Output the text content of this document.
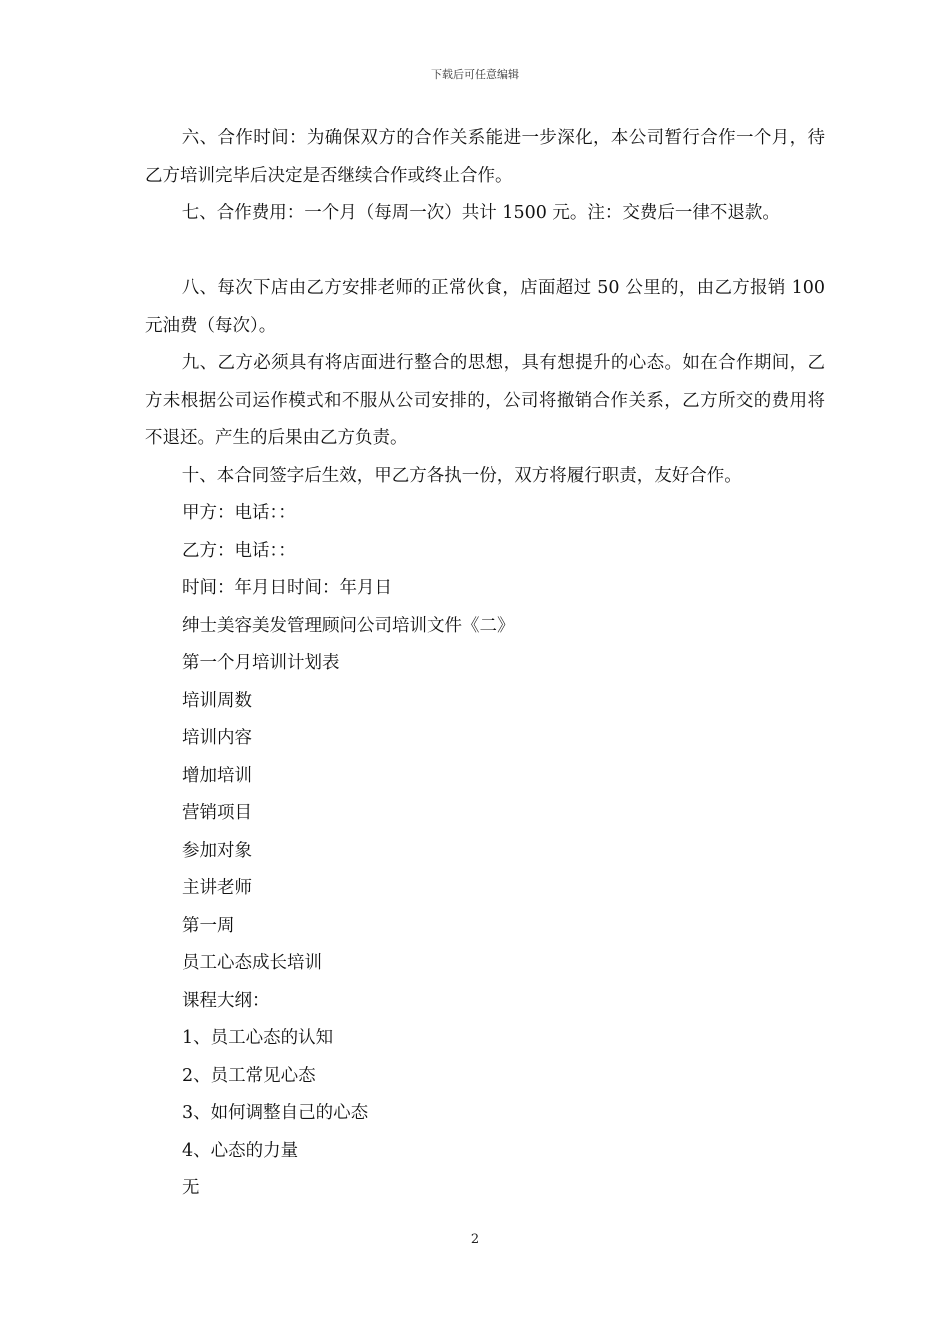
下载后可任意编辑

六、合作时间：为确保双方的合作关系能进一步深化，本公司暂行合作一个月，待乙方培训完毕后决定是否继续合作或终止合作。

七、合作费用：一个月（每周一次）共计 1500 元。注：交费后一律不退款。

八、每次下店由乙方安排老师的正常伙食，店面超过 50 公里的，由乙方报销 100 元油费（每次）。

九、乙方必须具有将店面进行整合的思想，具有想提升的心态。如在合作期间，乙方未根据公司运作模式和不服从公司安排的，公司将撤销合作关系，乙方所交的费用将不退还。产生的后果由乙方负责。

十、本合同签字后生效，甲乙方各执一份，双方将履行职责，友好合作。

甲方：电话：：

乙方：电话：：

时间：年月日时间：年月日

绅士美容美发管理顾问公司培训文件《二》

第一个月培训计划表

培训周数

培训内容

增加培训

营销项目

参加对象

主讲老师

第一周

员工心态成长培训

课程大纲：

1、员工心态的认知

2、员工常见心态

3、如何调整自己的心态

4、心态的力量

无

2
